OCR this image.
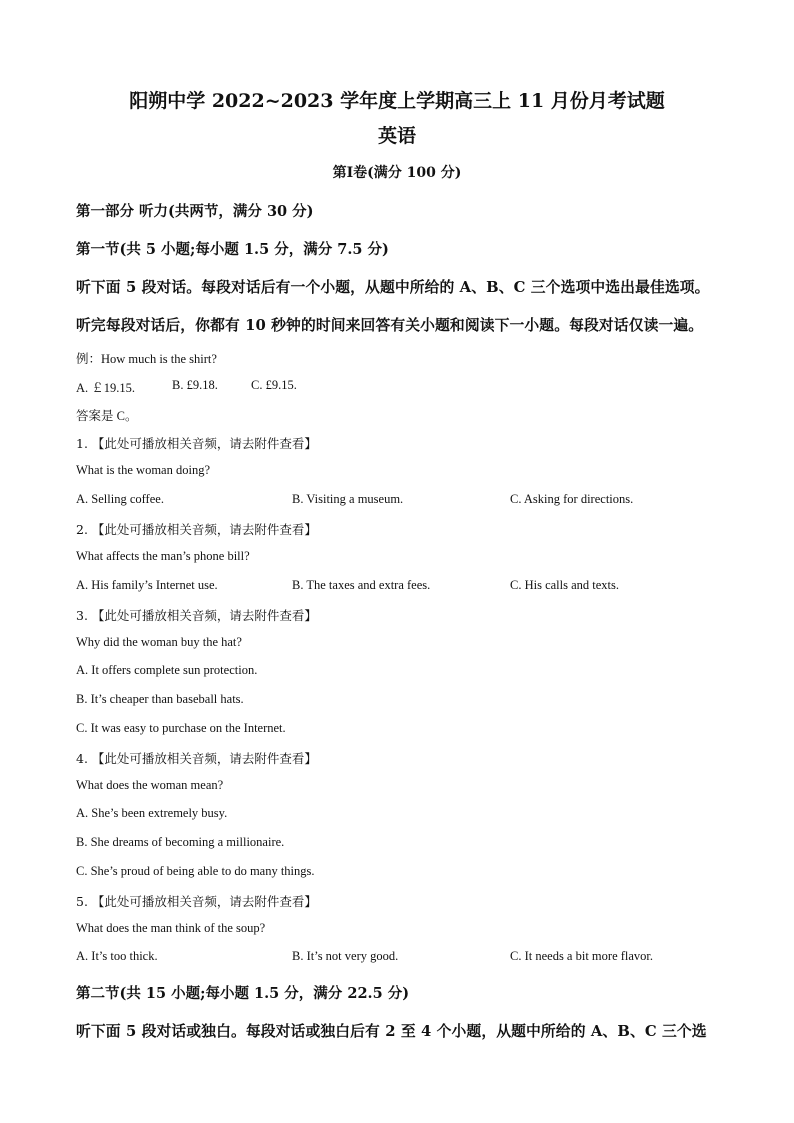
阳朔中学 2022~2023 学年度上学期高三上 11 月份月考试题
英语
第Ⅰ卷(满分 100 分)
第一部分 听力(共两节，满分 30 分)
第一节(共 5 小题;每小题 1.5 分，满分 7.5 分)
听下面 5 段对话。每段对话后有一个小题，从题中所给的 A、B、C 三个选项中选出最佳选项。
听完每段对话后，你都有 10 秒钟的时间来回答有关小题和阅读下一小题。每段对话仅读一遍。
例：How much is the shirt?
A. ￡19.15.	B. £9.18.	C. £9.15.
答案是 C。
1. 【此处可播放相关音频，请去附件查看】
What is the woman doing?
A. Selling coffee.	B. Visiting a museum.	C. Asking for directions.
2. 【此处可播放相关音频，请去附件查看】
What affects the man’s phone bill?
A. His family’s Internet use.	B. The taxes and extra fees.	C. His calls and texts.
3. 【此处可播放相关音频，请去附件查看】
Why did the woman buy the hat?
A. It offers complete sun protection.
B. It’s cheaper than baseball hats.
C. It was easy to purchase on the Internet.
4. 【此处可播放相关音频，请去附件查看】
What does the woman mean?
A. She’s been extremely busy.
B. She dreams of becoming a millionaire.
C. She’s proud of being able to do many things.
5. 【此处可播放相关音频，请去附件查看】
What does the man think of the soup?
A. It’s too thick.	B. It’s not very good.	C. It needs a bit more flavor.
第二节(共 15 小题;每小题 1.5 分，满分 22.5 分)
听下面 5 段对话或独白。每段对话或独白后有 2 至 4 个小题，从题中所给的 A、B、C 三个选
